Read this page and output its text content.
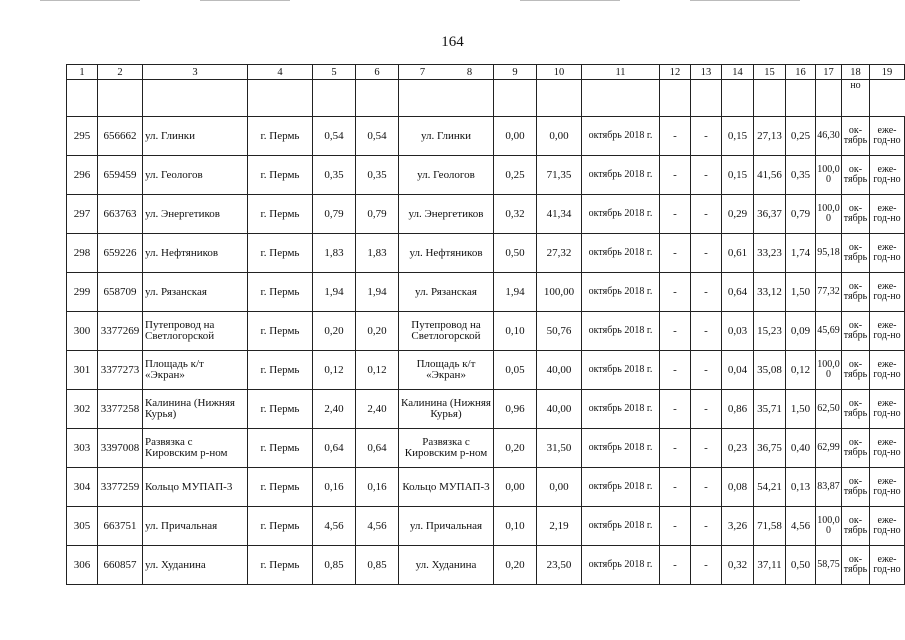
164
1	2	3	4	5	6	7 8	9	10	11	12	13	14	15	16	17	18	19
																но	
295	656662	ул. Глинки	г. Пермь	0,54	0,54	ул. Глинки	0,00	0,00	октябрь 2018 г.	-	-	0,15	27,13	0,25	46,30	ок-тябрь	еже-год-но
296	659459	ул. Геологов	г. Пермь	0,35	0,35	ул. Геологов	0,25	71,35	октябрь 2018 г.	-	-	0,15	41,56	0,35	100,0 0	ок-тябрь	еже-год-но
297	663763	ул. Энергетиков	г. Пермь	0,79	0,79	ул. Энергетиков	0,32	41,34	октябрь 2018 г.	-	-	0,29	36,37	0,79	100,0 0	ок-тябрь	еже-год-но
298	659226	ул. Нефтяников	г. Пермь	1,83	1,83	ул. Нефтяников	0,50	27,32	октябрь 2018 г.	-	-	0,61	33,23	1,74	95,18	ок-тябрь	еже-год-но
299	658709	ул. Рязанская	г. Пермь	1,94	1,94	ул. Рязанская	1,94	100,00	октябрь 2018 г.	-	-	0,64	33,12	1,50	77,32	ок-тябрь	еже-год-но
300	3377269	Путепровод на Светлогорской	г. Пермь	0,20	0,20	Путепровод на Светлогорской	0,10	50,76	октябрь 2018 г.	-	-	0,03	15,23	0,09	45,69	ок-тябрь	еже-год-но
301	3377273	Площадь к/т «Экран»	г. Пермь	0,12	0,12	Площадь к/т «Экран»	0,05	40,00	октябрь 2018 г.	-	-	0,04	35,08	0,12	100,0 0	ок-тябрь	еже-год-но
302	3377258	Калинина (Нижняя Курья)	г. Пермь	2,40	2,40	Калинина (Нижняя Курья)	0,96	40,00	октябрь 2018 г.	-	-	0,86	35,71	1,50	62,50	ок-тябрь	еже-год-но
303	3397008	Развязка с Кировским р-ном	г. Пермь	0,64	0,64	Развязка с Кировским р-ном	0,20	31,50	октябрь 2018 г.	-	-	0,23	36,75	0,40	62,99	ок-тябрь	еже-год-но
304	3377259	Кольцо МУПАП-3	г. Пермь	0,16	0,16	Кольцо МУПАП-3	0,00	0,00	октябрь 2018 г.	-	-	0,08	54,21	0,13	83,87	ок-тябрь	еже-год-но
305	663751	ул. Причальная	г. Пермь	4,56	4,56	ул. Причальная	0,10	2,19	октябрь 2018 г.	-	-	3,26	71,58	4,56	100,0 0	ок-тябрь	еже-год-но
306	660857	ул. Худанина	г. Пермь	0,85	0,85	ул. Худанина	0,20	23,50	октябрь 2018 г.	-	-	0,32	37,11	0,50	58,75	ок-тябрь	еже-год-но
